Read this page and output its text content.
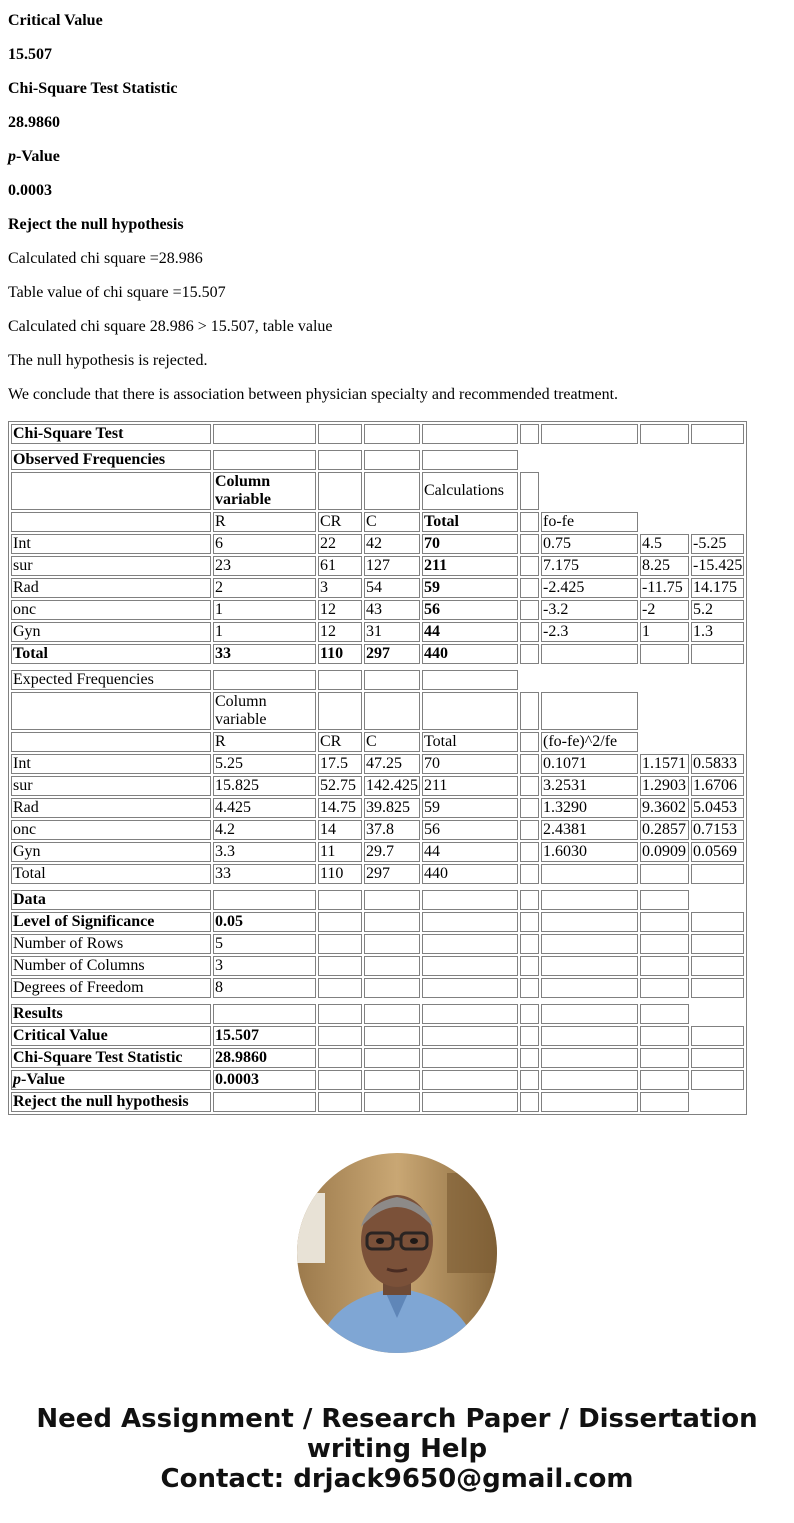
Critical Value

15.507

Chi-Square Test Statistic

28.9860

p-Value

0.0003

Reject the null hypothesis

Calculated chi square =28.986

Table value of chi square =15.507

Calculated chi square 28.986 > 15.507, table value

The null hypothesis is rejected.

We conclude that there is association between physician specialty and recommended treatment.

Chi-Square Test								

Observed Frequencies								
	Column variable			Calculations				
	R	CR	C	Total		fo-fe		
Int	6	22	42	70		0.75	4.5	-5.25
sur	23	61	127	211		7.175	8.25	-15.425
Rad	2	3	54	59		-2.425	-11.75	14.175
onc	1	12	43	56		-3.2	-2	5.2
Gyn	1	12	31	44		-2.3	1	1.3
Total	33	110	297	440				

Expected Frequencies								
	Column variable							
	R	CR	C	Total		(fo-fe)^2/fe		
Int	5.25	17.5	47.25	70		0.1071	1.1571	0.5833
sur	15.825	52.75	142.425	211		3.2531	1.2903	1.6706
Rad	4.425	14.75	39.825	59		1.3290	9.3602	5.0453
onc	4.2	14	37.8	56		2.4381	0.2857	0.7153
Gyn	3.3	11	29.7	44		1.6030	0.0909	0.0569
Total	33	110	297	440				

Data								
Level of Significance	0.05							
Number of Rows	5							
Number of Columns	3							
Degrees of Freedom	8							

Results								
Critical Value	15.507							
Chi-Square Test Statistic	28.9860							
p-Value	0.0003							
Reject the null hypothesis								
Need Assignment / Research Paper / Dissertation
writing Help
Contact: drjack9650@gmail.com
